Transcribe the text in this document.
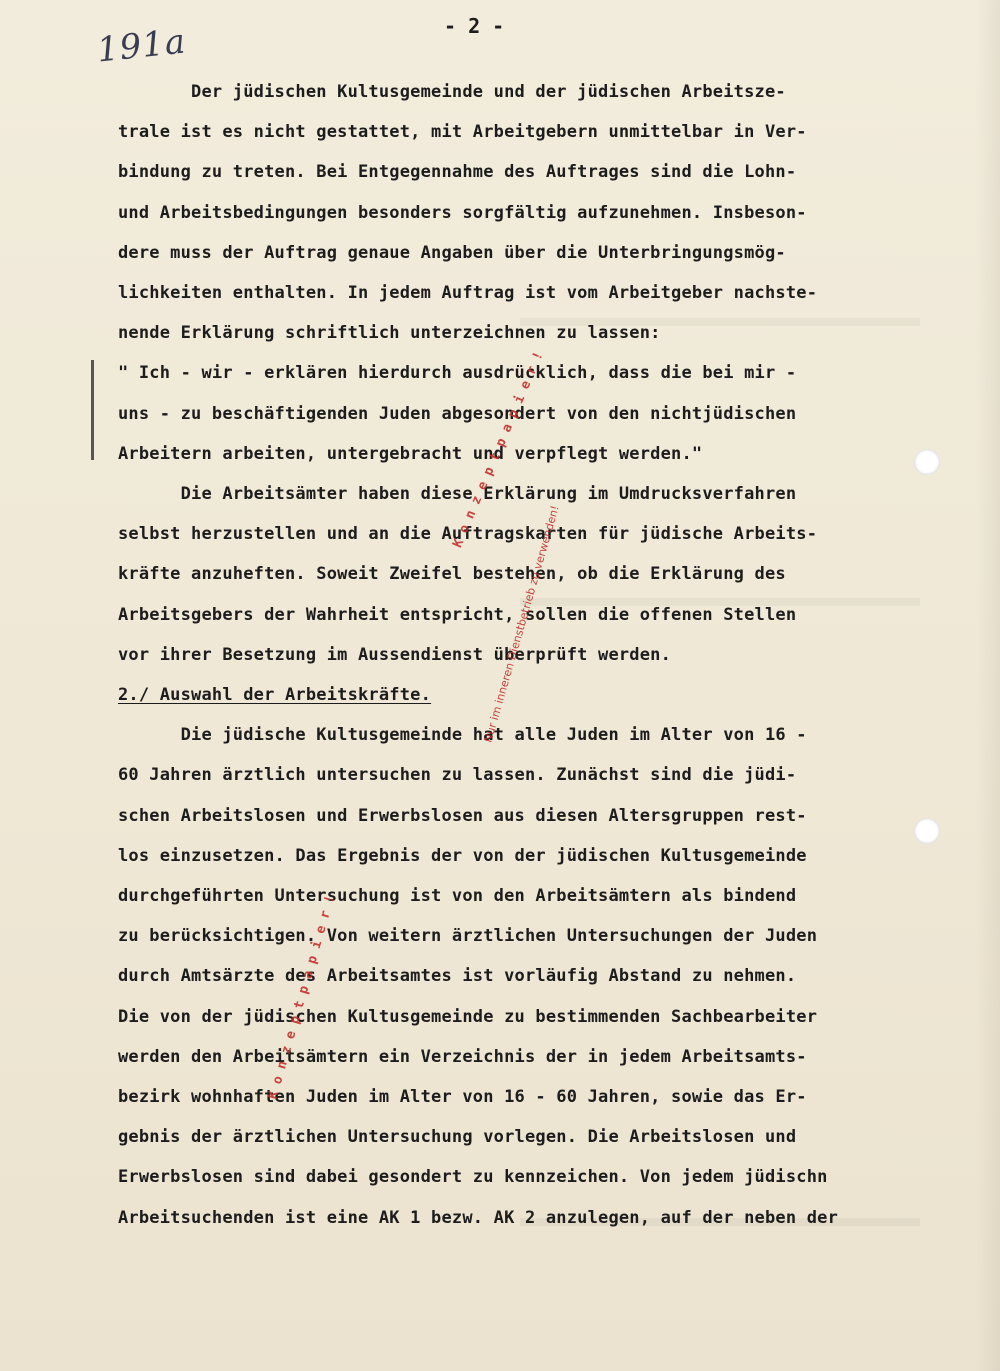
- 2 -
191a
Der jüdischen Kultusgemeinde und der jüdischen Arbeitsze-
trale ist es nicht gestattet, mit Arbeitgebern unmittelbar in Ver-
bindung zu treten. Bei Entgegennahme des Auftrages sind die Lohn-
und Arbeitsbedingungen besonders sorgfältig aufzunehmen. Insbeson-
dere muss der Auftrag genaue Angaben über die Unterbringungsmög-
lichkeiten enthalten. In jedem Auftrag ist vom Arbeitgeber nachste-
nende Erklärung schriftlich unterzeichnen zu lassen:
" Ich - wir - erklären hierdurch ausdrücklich, dass die bei mir -
uns - zu beschäftigenden Juden abgesondert von den nichtjüdischen
Arbeitern arbeiten, untergebracht und verpflegt werden."
Die Arbeitsämter haben diese Erklärung im Umdrucksverfahren
selbst herzustellen und an die Auftragskarten für jüdische Arbeits-
kräfte anzuheften. Soweit Zweifel bestehen, ob die Erklärung des
Arbeitsgebers der Wahrheit entspricht, sollen die offenen Stellen
vor ihrer Besetzung im Aussendienst überprüft werden.
2./ Auswahl der Arbeitskräfte.
Die jüdische Kultusgemeinde hat alle Juden im Alter von 16 -
60 Jahren ärztlich untersuchen zu lassen. Zunächst sind die jüdi-
schen Arbeitslosen und Erwerbslosen aus diesen Altersgruppen rest-
los einzusetzen. Das Ergebnis der von der jüdischen Kultusgemeinde
durchgeführten Untersuchung ist von den Arbeitsämtern als bindend
zu berücksichtigen. Von weitern ärztlichen Untersuchungen der Juden
durch Amtsärzte des Arbeitsamtes ist vorläufig Abstand zu nehmen.
Die von der jüdischen Kultusgemeinde zu bestimmenden Sachbearbeiter
werden den Arbeitsämtern ein Verzeichnis der in jedem Arbeitsamts-
bezirk wohnhaften Juden im Alter von 16 - 60 Jahren, sowie das Er-
gebnis der ärztlichen Untersuchung vorlegen. Die Arbeitslosen und
Erwerbslosen sind dabei gesondert zu kennzeichen. Von jedem jüdischn
Arbeitsuchenden ist eine AK 1 bezw. AK 2 anzulegen, auf der neben der
K o n z e p t p a p i e r !
Nur im inneren Dienstbetrieb zu verwenden!
K o n z e p t p a p i e r !
